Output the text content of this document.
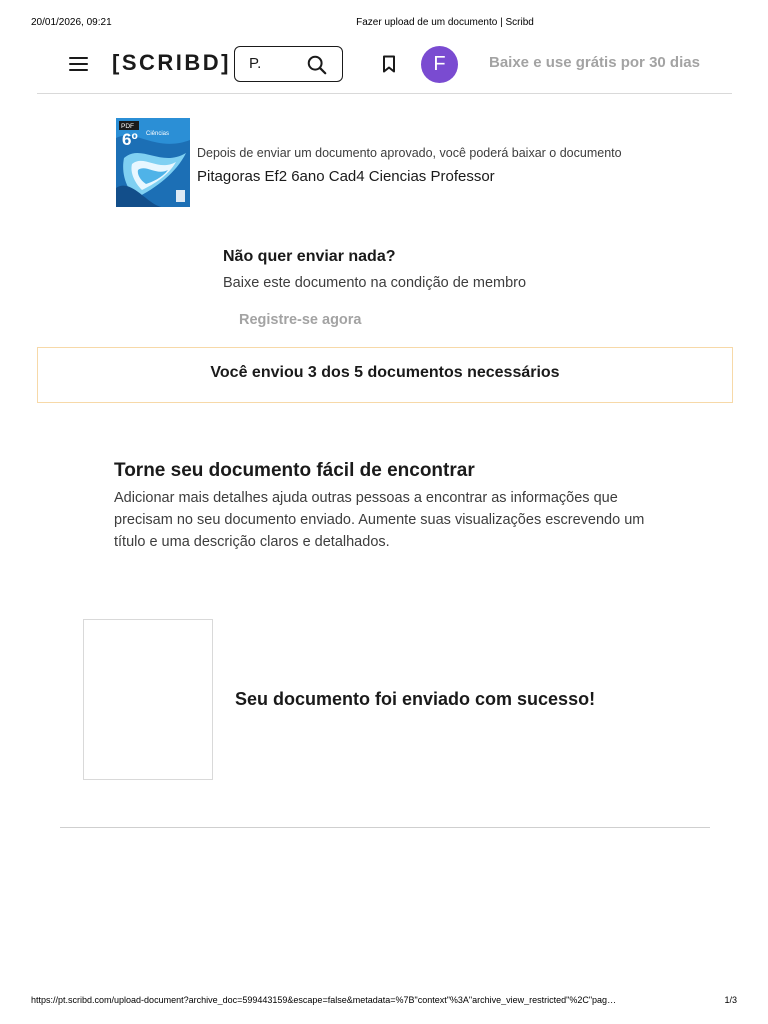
20/01/2026, 09:21	Fazer upload de um documento | Scribd
[SCRIBD]
P.	F	Baixe e use grátis por 30 dias
PDF
6º Ciências
Depois de enviar um documento aprovado, você poderá baixar o documento
Pitagoras Ef2 6ano Cad4 Ciencias Professor
Não quer enviar nada?
Baixe este documento na condição de membro
Registre-se agora
Você enviou 3 dos 5 documentos necessários
Torne seu documento fácil de encontrar
Adicionar mais detalhes ajuda outras pessoas a encontrar as informações que precisam no seu documento enviado. Aumente suas visualizações escrevendo um título e uma descrição claros e detalhados.
Seu documento foi enviado com sucesso!
https://pt.scribd.com/upload-document?archive_doc=599443159&escape=false&metadata=%7B"context"%3A"archive_view_restricted"%2C"pag…	1/3
